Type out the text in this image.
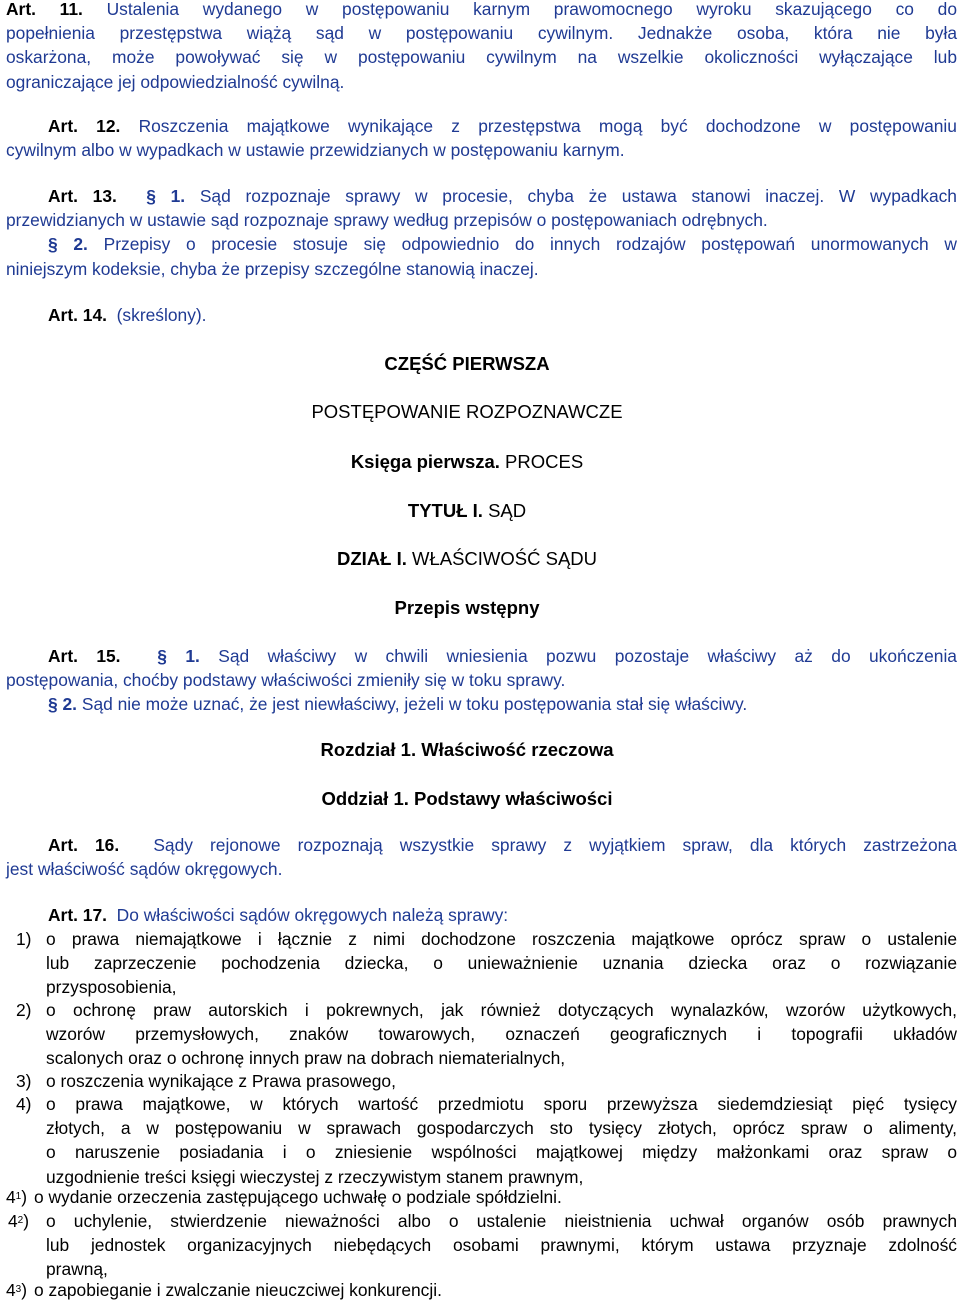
Art. 11. Ustalenia wydanego w postępowaniu karnym prawomocnego wyroku skazującego co do
popełnienia przestępstwa wiążą sąd w postępowaniu cywilnym. Jednakże osoba, która nie była
oskarżona, może powoływać się w postępowaniu cywilnym na wszelkie okoliczności wyłączające lub
ograniczające jej odpowiedzialność cywilną.
Art. 12. Roszczenia majątkowe wynikające z przestępstwa mogą być dochodzone w postępowaniu
cywilnym albo w wypadkach w ustawie przewidzianych w postępowaniu karnym.
Art. 13. § 1. Sąd rozpoznaje sprawy w procesie, chyba że ustawa stanowi inaczej. W wypadkach
przewidzianych w ustawie sąd rozpoznaje sprawy według przepisów o postępowaniach odrębnych.
§ 2. Przepisy o procesie stosuje się odpowiednio do innych rodzajów postępowań unormowanych w
niniejszym kodeksie, chyba że przepisy szczególne stanowią inaczej.
Art. 14. (skreślony).
CZĘŚĆ PIERWSZA
POSTĘPOWANIE ROZPOZNAWCZE
Księga pierwsza. PROCES
TYTUŁ I. SĄD
DZIAŁ I. WŁAŚCIWOŚĆ SĄDU
Przepis wstępny
Art. 15. § 1. Sąd właściwy w chwili wniesienia pozwu pozostaje właściwy aż do ukończenia
postępowania, choćby podstawy właściwości zmieniły się w toku sprawy.
§ 2. Sąd nie może uznać, że jest niewłaściwy, jeżeli w toku postępowania stał się właściwy.
Rozdział 1. Właściwość rzeczowa
Oddział 1. Podstawy właściwości
Art. 16. Sądy rejonowe rozpoznają wszystkie sprawy z wyjątkiem spraw, dla których zastrzeżona
jest właściwość sądów okręgowych.
Art. 17. Do właściwości sądów okręgowych należą sprawy:
1) o prawa niemajątkowe i łącznie z nimi dochodzone roszczenia majątkowe oprócz spraw o ustalenie
lub zaprzeczenie pochodzenia dziecka, o unieważnienie uznania dziecka oraz o rozwiązanie
przysposobienia,
2) o ochronę praw autorskich i pokrewnych, jak również dotyczących wynalazków, wzorów użytkowych,
wzorów przemysłowych, znaków towarowych, oznaczeń geograficznych i topografii układów
scalonych oraz o ochronę innych praw na dobrach niematerialnych,
3) o roszczenia wynikające z Prawa prasowego,
4) o prawa majątkowe, w których wartość przedmiotu sporu przewyższa siedemdziesiąt pięć tysięcy
złotych, a w postępowaniu w sprawach gospodarczych sto tysięcy złotych, oprócz spraw o alimenty,
o naruszenie posiadania i o zniesienie wspólności majątkowej między małżonkami oraz spraw o
uzgodnienie treści księgi wieczystej z rzeczywistym stanem prawnym,
$4^1$) o wydanie orzeczenia zastępującego uchwałę o podziale spółdzielni.
$4^2$) o uchylenie, stwierdzenie nieważności albo o ustalenie nieistnienia uchwał organów osób prawnych
lub jednostek organizacyjnych niebędących osobami prawnymi, którym ustawa przyznaje zdolność
prawną,
$4^3$) o zapobieganie i zwalczanie nieuczciwej konkurencji.
